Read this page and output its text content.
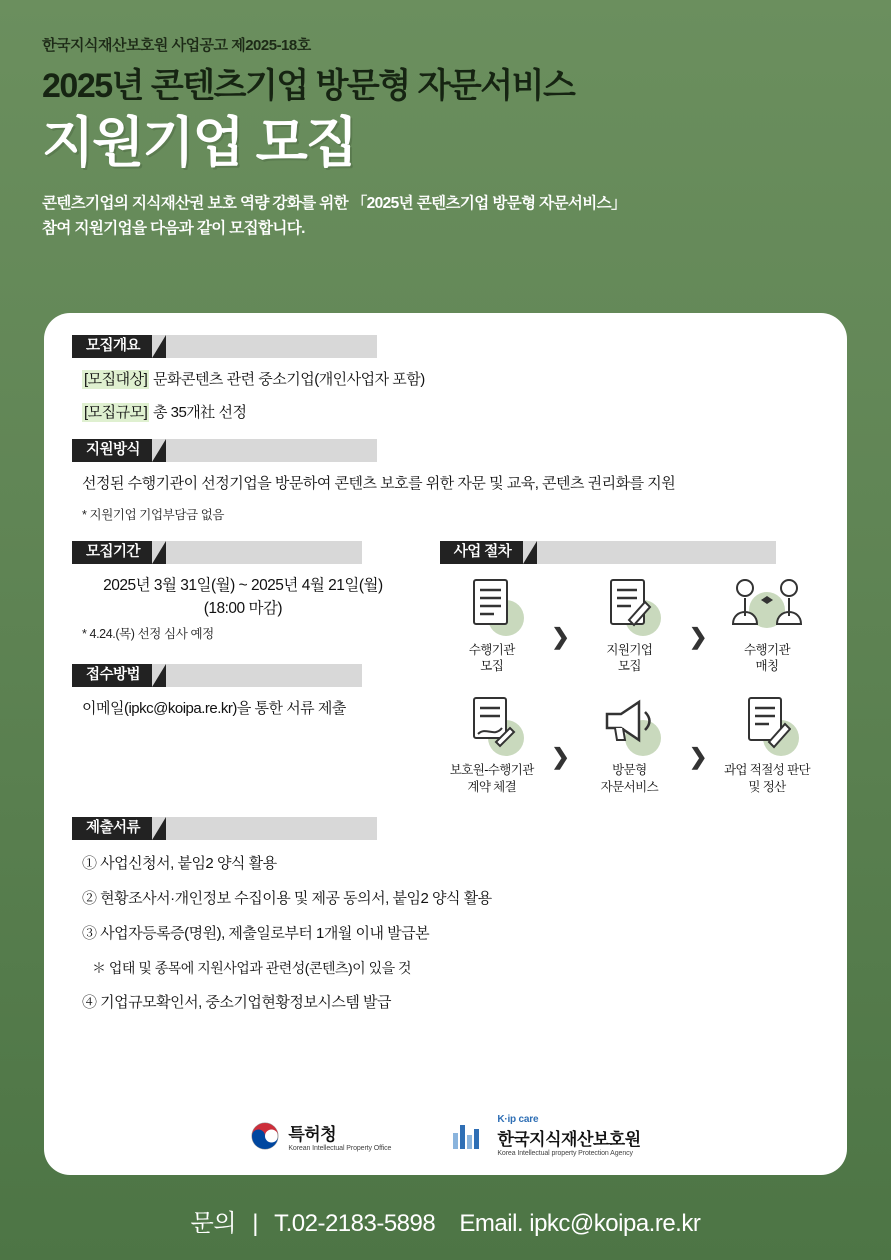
한국지식재산보호원 사업공고 제2025-18호
2025년 콘텐츠기업 방문형 자문서비스
지원기업 모집
콘텐츠기업의 지식재산권 보호 역량 강화를 위한 「2025년 콘텐츠기업 방문형 자문서비스」
참여 지원기업을 다음과 같이 모집합니다.
모집개요
[모집대상] 문화콘텐츠 관련 중소기업(개인사업자 포함)
[모집규모] 총 35개社 선정
지원방식
선정된 수행기관이 선정기업을 방문하여 콘텐츠 보호를 위한 자문 및 교육, 콘텐츠 권리화를 지원
* 지원기업 기업부담금 없음
모집기간
2025년 3월 31일(월) ~ 2025년 4월 21일(월)
(18:00 마감)
* 4.24.(목) 선정 심사 예정
접수방법
이메일(ipkc@koipa.re.kr)을 통한 서류 제출
사업 절차
수행기관
모집
❯
지원기업
모집
❯
수행기관
매칭
보호원-수행기관
계약 체결
❯
방문형
자문서비스
❯
과업 적절성 판단
및 정산
제출서류
① 사업신청서, 붙임2 양식 활용
② 현황조사서·개인정보 수집이용 및 제공 동의서, 붙임2 양식 활용
③ 사업자등록증(명원), 제출일로부터 1개월 이내 발급본
＊ 업태 및 종목에 지원사업과 관련성(콘텐츠)이 있을 것
④ 기업규모확인서, 중소기업현황정보시스템 발급
특허청
Korean Intellectual Property Office
K·ip care
한국지식재산보호원
Korea Intellectual property Protection Agency
문의 | T.02-2183-5898 Email. ipkc@koipa.re.kr
